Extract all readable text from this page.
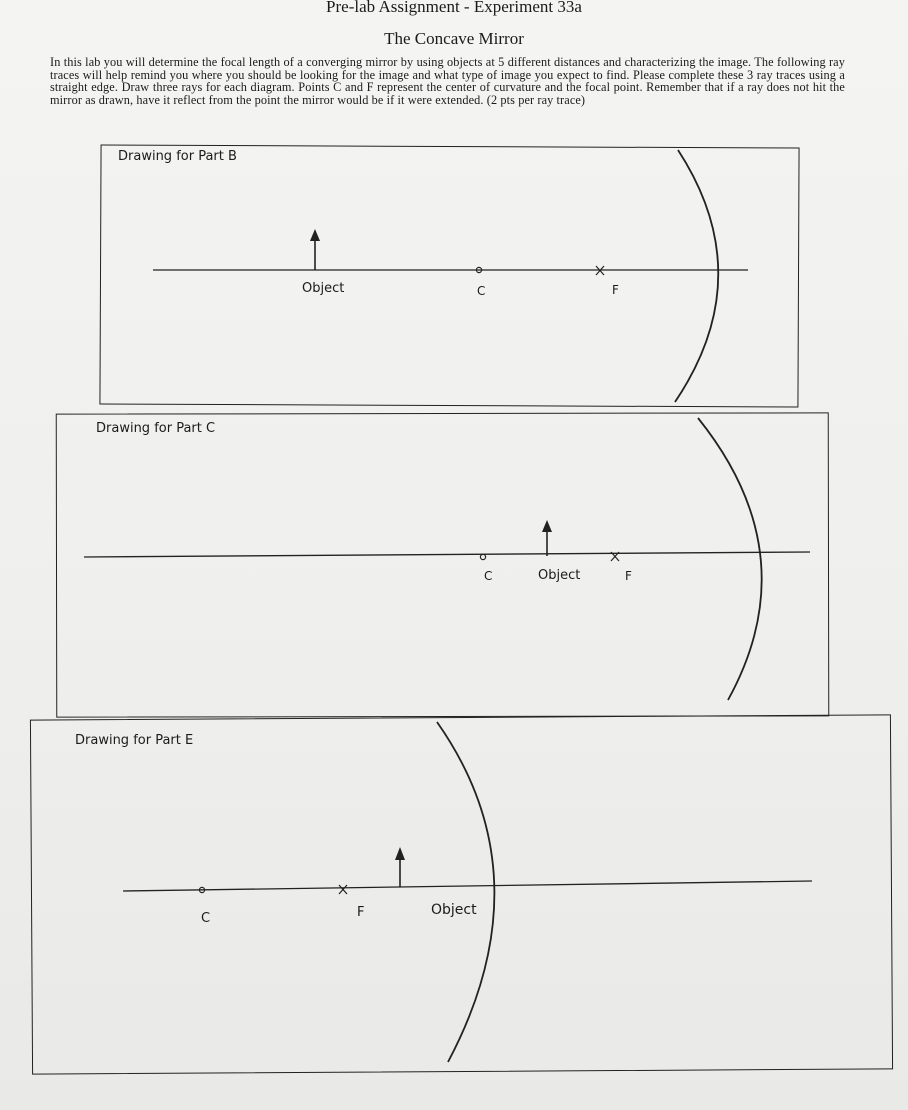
Pre-lab Assignment - Experiment 33a
The Concave Mirror
In this lab you will determine the focal length of a converging mirror by using objects at 5 different distances and characterizing the image. The following ray traces will help remind you where you should be looking for the image and what type of image you expect to find. Please complete these 3 ray traces using a straight edge. Draw three rays for each diagram. Points C and F represent the center of curvature and the focal point. Remember that if a ray does not hit the mirror as drawn, have it reflect from the point the mirror would be if it were extended. (2 pts per ray trace)
Drawing for Part B
Drawing for Part C
Drawing for Part E
Object	C	F
C	Object	F
C	F	Object
